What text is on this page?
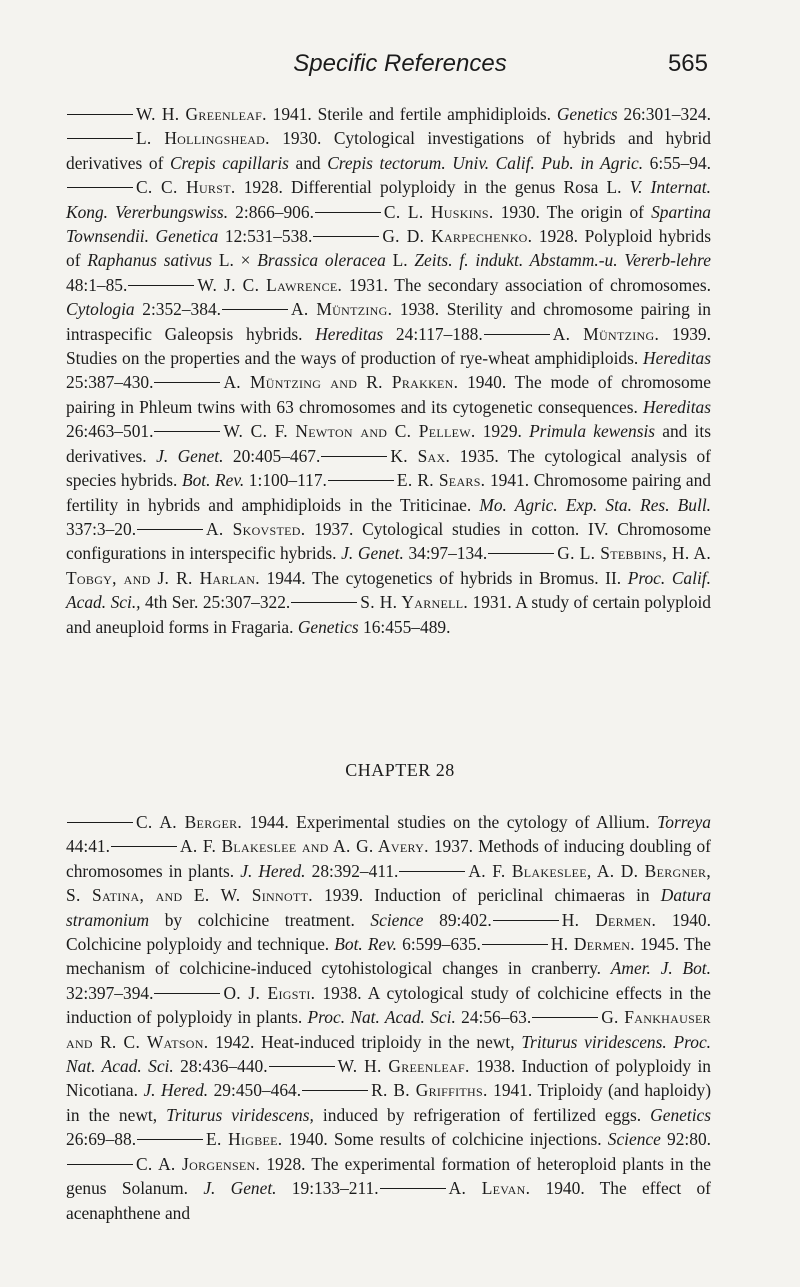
Specific References	565
W. H. Greenleaf. 1941. Sterile and fertile amphidiploids. Genetics 26:301–324.L. Hollingshead. 1930. Cytological investigations of hybrids and hybrid derivatives of Crepis capillaris and Crepis tectorum. Univ. Calif. Pub. in Agric. 6:55–94.C. C. Hurst. 1928. Differential polyploidy in the genus Rosa L. V. Internat. Kong. Vererbungswiss. 2:866–906.	C. L. Huskins. 1930. The origin of Spartina Townsendii. Genetica 12:531–538.	G. D. Karpechenko. 1928. Polyploid hybrids of Raphanus sativus L. × Brassica oleracea L. Zeits. f. indukt. Abstamm.-u. Vererb-lehre 48:1–85.	W. J. C. Lawrence. 1931. The secondary association of chromosomes. Cytologia 2:352–384.	A. Müntzing. 1938. Sterility and chromosome pairing in intraspecific Galeopsis hybrids. Hereditas 24:117–188.	A. Müntzing. 1939. Studies on the properties and the ways of production of rye-wheat amphidiploids. Hereditas 25:387–430.	A. Müntzing and R. Prakken. 1940. The mode of chromosome pairing in Phleum twins with 63 chromosomes and its cytogenetic consequences. Hereditas 26:463–501.	W. C. F. Newton and C. Pellew. 1929. Primula kewensis and its derivatives. J. Genet. 20:405–467.	K. Sax. 1935. The cytological analysis of species hybrids. Bot. Rev. 1:100–117.	E. R. Sears. 1941. Chromosome pairing and fertility in hybrids and amphidiploids in the Triticinae. Mo. Agric. Exp. Sta. Res. Bull. 337:3–20.	A. Skovsted. 1937. Cytological studies in cotton. IV. Chromosome configurations in interspecific hybrids. J. Genet. 34:97–134.	G. L. Stebbins, H. A. Tobgy, and J. R. Harlan. 1944. The cytogenetics of hybrids in Bromus. II. Proc. Calif. Acad. Sci., 4th Ser. 25:307–322.	S. H. Yarnell. 1931. A study of certain polyploid and aneuploid forms in Fragaria. Genetics 16:455–489.
CHAPTER 28
C. A. Berger. 1944. Experimental studies on the cytology of Allium. Torreya 44:41.	A. F. Blakeslee and A. G. Avery. 1937. Methods of inducing doubling of chromosomes in plants. J. Hered. 28:392–411.	A. F. Blakeslee, A. D. Bergner, S. Satina, and E. W. Sinnott. 1939. Induction of periclinal chimaeras in Datura stramonium by colchicine treatment. Science 89:402.	H. Dermen. 1940. Colchicine polyploidy and technique. Bot. Rev. 6:599–635.	H. Dermen. 1945. The mechanism of colchicine-induced cytohistological changes in cranberry. Amer. J. Bot. 32:397–394.	O. J. Eigsti. 1938. A cytological study of colchicine effects in the induction of polyploidy in plants. Proc. Nat. Acad. Sci. 24:56–63.	G. Fankhauser and R. C. Watson. 1942. Heat-induced triploidy in the newt, Triturus viridescens. Proc. Nat. Acad. Sci. 28:436–440.	W. H. Greenleaf. 1938. Induction of polyploidy in Nicotiana. J. Hered. 29:450–464.	R. B. Griffiths. 1941. Triploidy (and haploidy) in the newt, Triturus viridescens, induced by refrigeration of fertilized eggs. Genetics 26:69–88.	E. Higbee. 1940. Some results of colchicine injections. Science 92:80.C. A. Jorgensen. 1928. The experimental formation of heteroploid plants in the genus Solanum. J. Genet. 19:133–211.	A. Levan. 1940. The effect of acenaphthene and
